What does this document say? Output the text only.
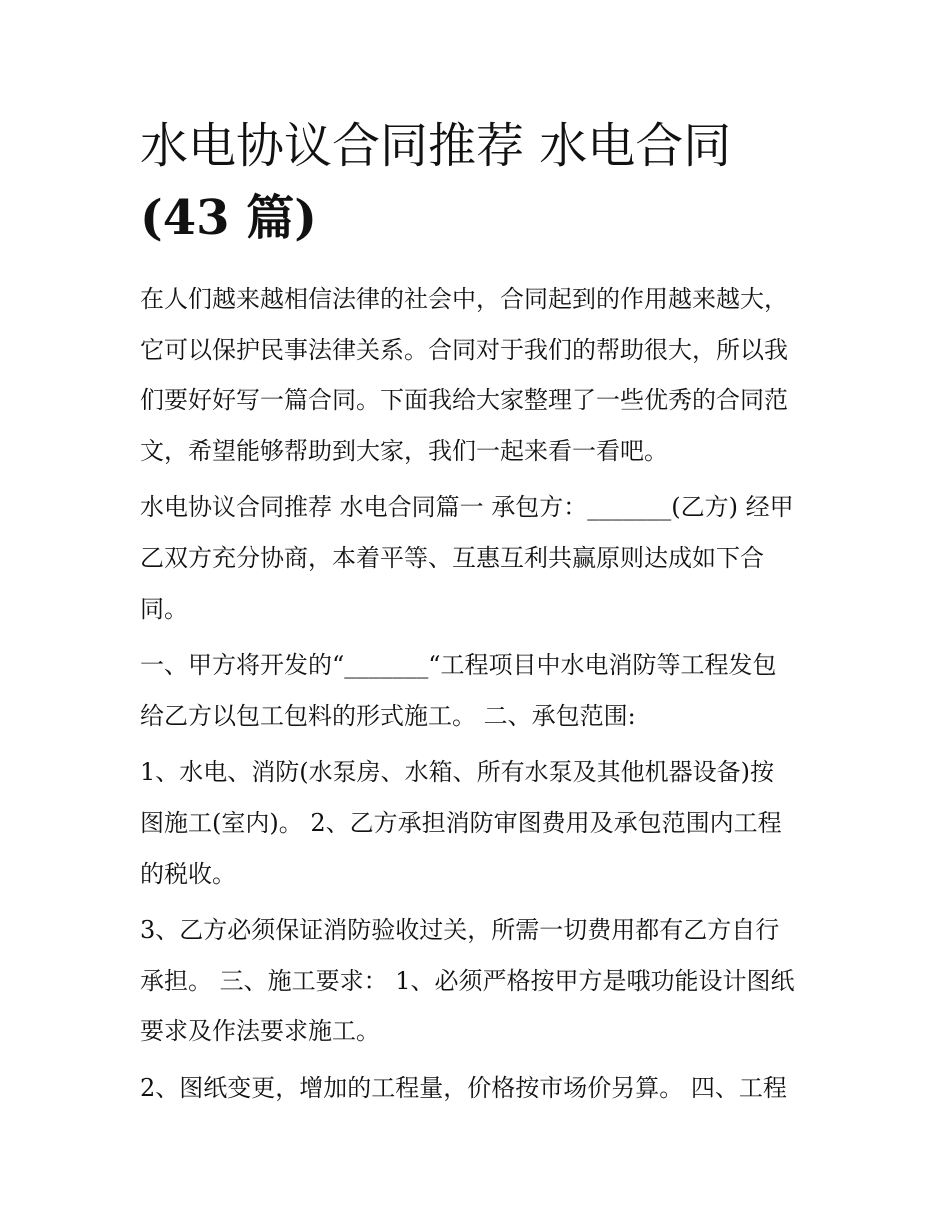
水电协议合同推荐 水电合同
(43 篇)

在人们越来越相信法律的社会中，合同起到的作用越来越大，
它可以保护民事法律关系。合同对于我们的帮助很大，所以我
们要好好写一篇合同。下面我给大家整理了一些优秀的合同范
文，希望能够帮助到大家，我们一起来看一看吧。

水电协议合同推荐 水电合同篇一 承包方：_______(乙方) 经甲
乙双方充分协商，本着平等、互惠互利共赢原则达成如下合
同。

一、甲方将开发的“_______“工程项目中水电消防等工程发包
给乙方以包工包料的形式施工。 二、承包范围:

1、水电、消防(水泵房、水箱、所有水泵及其他机器设备)按
图施工(室内)。 2、乙方承担消防审图费用及承包范围内工程
的税收。

3、乙方必须保证消防验收过关，所需一切费用都有乙方自行
承担。 三、施工要求： 1、必须严格按甲方是哦功能设计图纸
要求及作法要求施工。

2、图纸变更，增加的工程量，价格按市场价另算。 四、工程
